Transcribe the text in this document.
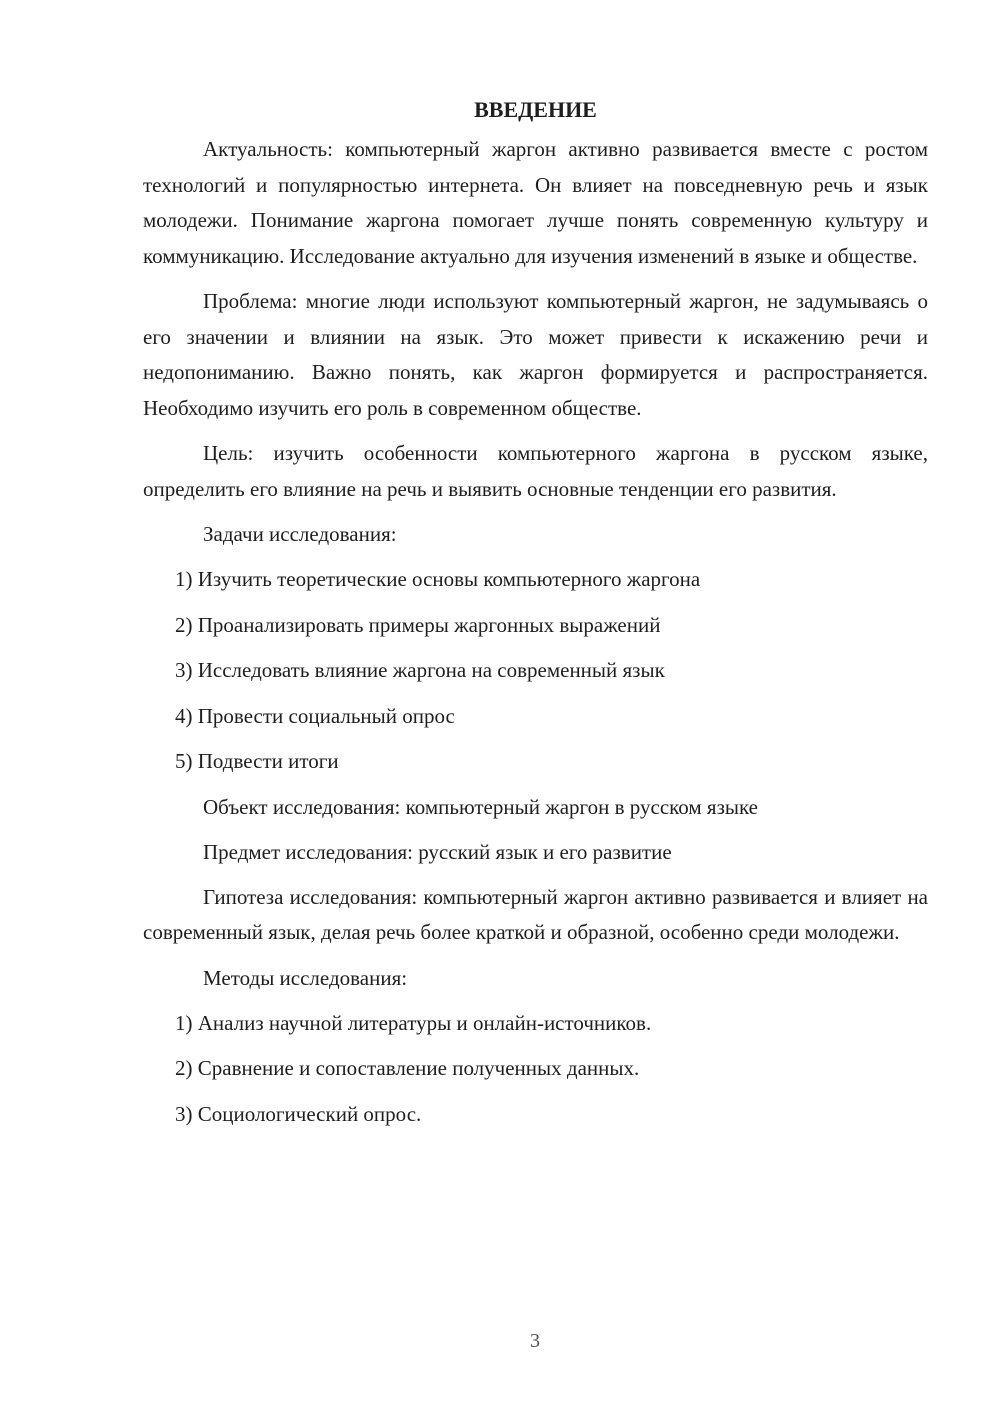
ВВЕДЕНИЕ

Актуальность: компьютерный жаргон активно развивается вместе с ростом технологий и популярностью интернета. Он влияет на повседневную речь и язык молодежи. Понимание жаргона помогает лучше понять современную культуру и коммуникацию. Исследование актуально для изучения изменений в языке и обществе.

Проблема: многие люди используют компьютерный жаргон, не задумываясь о его значении и влиянии на язык. Это может привести к искажению речи и недопониманию. Важно понять, как жаргон формируется и распространяется. Необходимо изучить его роль в современном обществе.

Цель: изучить особенности компьютерного жаргона в русском языке, определить его влияние на речь и выявить основные тенденции его развития.

Задачи исследования:
1) Изучить теоретические основы компьютерного жаргона
2) Проанализировать примеры жаргонных выражений
3) Исследовать влияние жаргона на современный язык
4) Провести социальный опрос
5) Подвести итоги
Объект исследования: компьютерный жаргон в русском языке
Предмет исследования: русский язык и его развитие

Гипотеза исследования: компьютерный жаргон активно развивается и влияет на современный язык, делая речь более краткой и образной, особенно среди молодежи.

Методы исследования:
1) Анализ научной литературы и онлайн-источников.
2) Сравнение и сопоставление полученных данных.
3) Социологический опрос.
3
